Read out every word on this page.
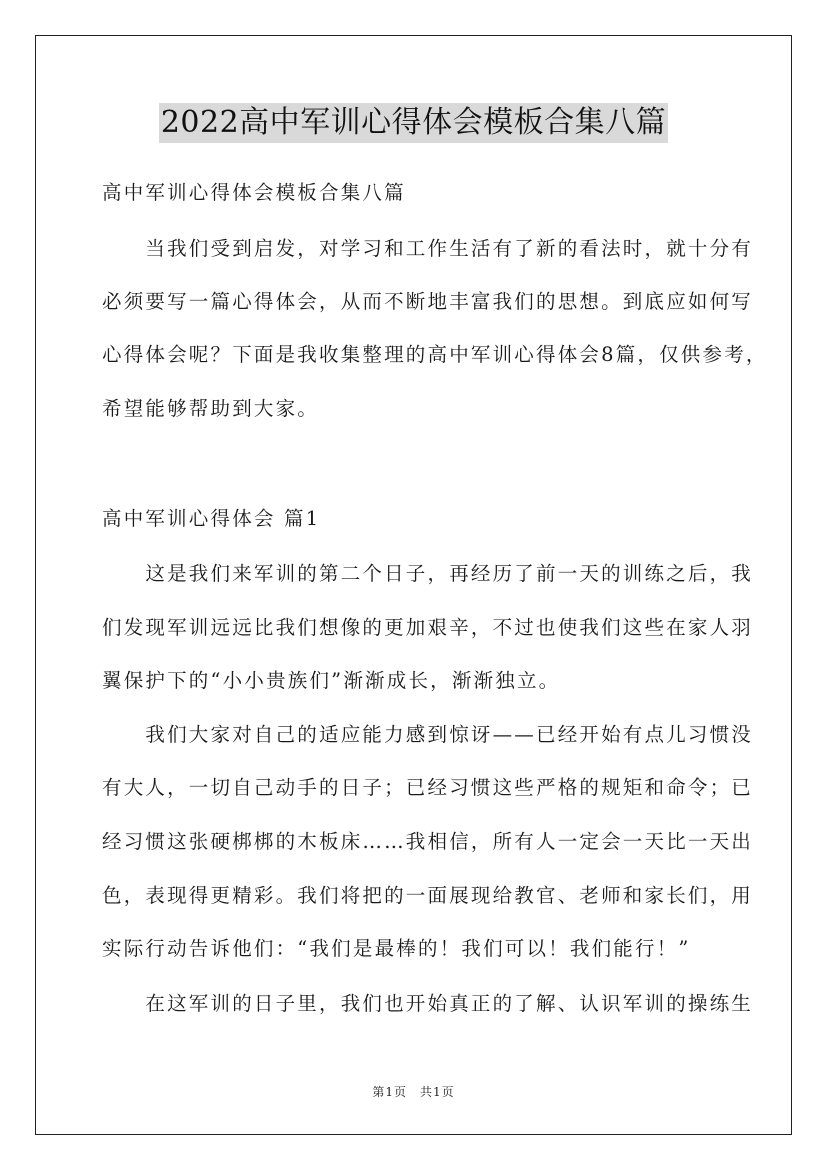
2022高中军训心得体会模板合集八篇
高中军训心得体会模板合集八篇
　　当我们受到启发，对学习和工作生活有了新的看法时，就十分有
必须要写一篇心得体会，从而不断地丰富我们的思想。到底应如何写
心得体会呢？下面是我收集整理的高中军训心得体会8篇，仅供参考，
希望能够帮助到大家。
高中军训心得体会 篇1
　　这是我们来军训的第二个日子，再经历了前一天的训练之后，我
们发现军训远远比我们想像的更加艰辛，不过也使我们这些在家人羽
翼保护下的“小小贵族们”渐渐成长，渐渐独立。
　　我们大家对自己的适应能力感到惊讶——已经开始有点儿习惯没
有大人，一切自己动手的日子；已经习惯这些严格的规矩和命令；已
经习惯这张硬梆梆的木板床……我相信，所有人一定会一天比一天出
色，表现得更精彩。我们将把的一面展现给教官、老师和家长们，用
实际行动告诉他们：“我们是最棒的！我们可以！我们能行！”
　　在这军训的日子里，我们也开始真正的了解、认识军训的操练生
第1页　共1页
